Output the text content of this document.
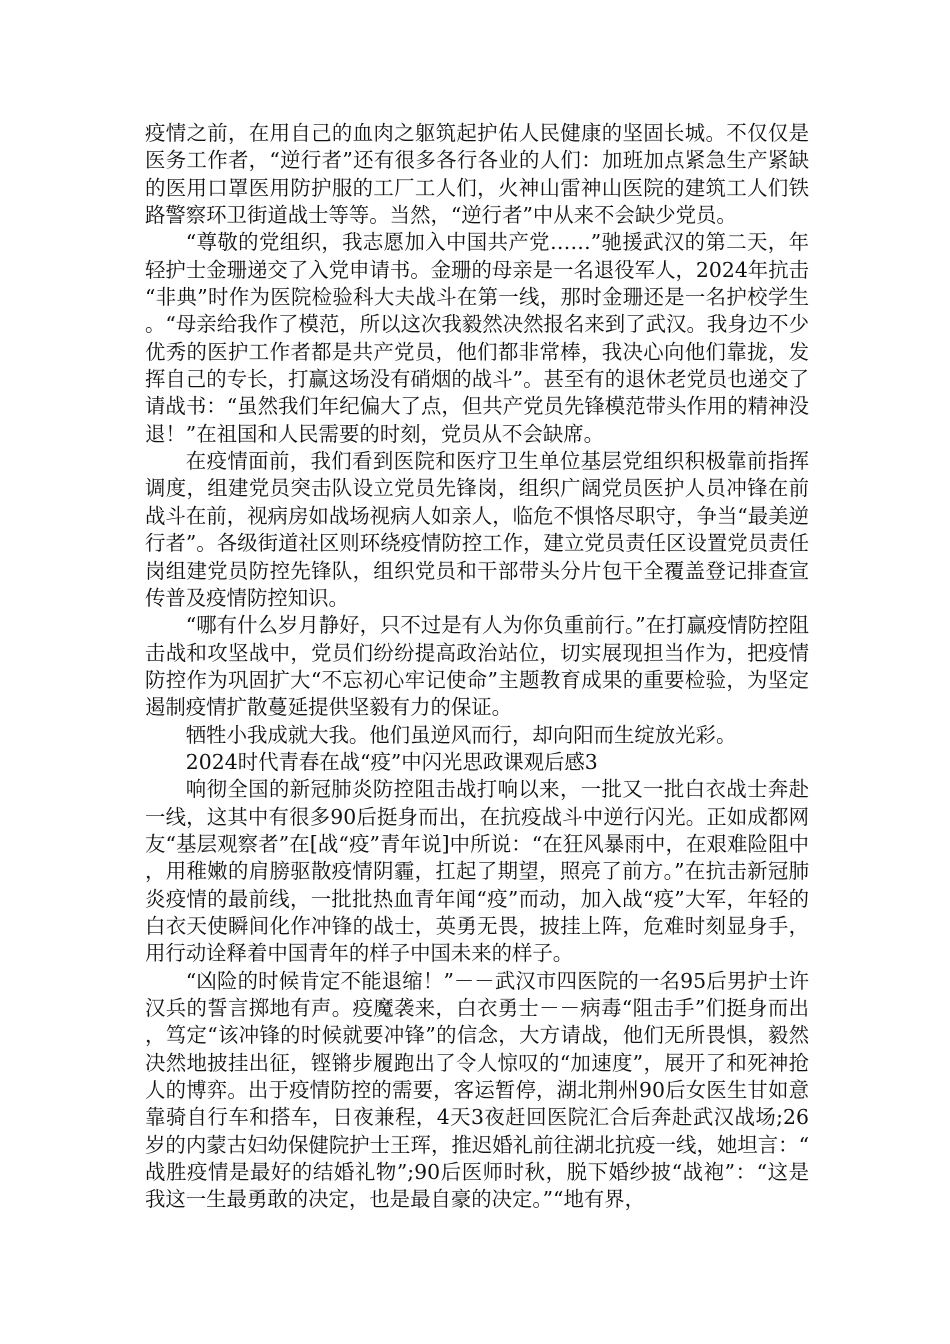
疫情之前，在用自己的血肉之躯筑起护佑人民健康的坚固长城。不仅仅是医务工作者，“逆行者”还有很多各行各业的人们：加班加点紧急生产紧缺的医用口罩医用防护服的工厂工人们，火神山雷神山医院的建筑工人们铁路警察环卫街道战士等等。当然，“逆行者”中从来不会缺少党员。

“尊敬的党组织，我志愿加入中国共产党……”驰援武汉的第二天，年轻护士金珊递交了入党申请书。金珊的母亲是一名退役军人，2024年抗击“非典”时作为医院检验科大夫战斗在第一线，那时金珊还是一名护校学生。“母亲给我作了模范，所以这次我毅然决然报名来到了武汉。我身边不少优秀的医护工作者都是共产党员，他们都非常棒，我决心向他们靠拢，发挥自己的专长，打赢这场没有硝烟的战斗”。甚至有的退休老党员也递交了请战书：“虽然我们年纪偏大了点，但共产党员先锋模范带头作用的精神没退！”在祖国和人民需要的时刻，党员从不会缺席。

在疫情面前，我们看到医院和医疗卫生单位基层党组织积极靠前指挥调度，组建党员突击队设立党员先锋岗，组织广阔党员医护人员冲锋在前战斗在前，视病房如战场视病人如亲人，临危不惧恪尽职守，争当“最美逆行者”。各级街道社区则环绕疫情防控工作，建立党员责任区设置党员责任岗组建党员防控先锋队，组织党员和干部带头分片包干全覆盖登记排查宣传普及疫情防控知识。

“哪有什么岁月静好，只不过是有人为你负重前行。”在打赢疫情防控阻击战和攻坚战中，党员们纷纷提高政治站位，切实展现担当作为，把疫情防控作为巩固扩大“不忘初心牢记使命”主题教育成果的重要检验，为坚定遏制疫情扩散蔓延提供坚毅有力的保证。

牺牲小我成就大我。他们虽逆风而行，却向阳而生绽放光彩。

2024时代青春在战“疫”中闪光思政课观后感3

响彻全国的新冠肺炎防控阻击战打响以来，一批又一批白衣战士奔赴一线，这其中有很多90后挺身而出，在抗疫战斗中逆行闪光。正如成都网友“基层观察者”在[战“疫”青年说]中所说：“在狂风暴雨中，在艰难险阻中，用稚嫩的肩膀驱散疫情阴霾，扛起了期望，照亮了前方。”在抗击新冠肺炎疫情的最前线，一批批热血青年闻“疫”而动，加入战“疫”大军，年轻的白衣天使瞬间化作冲锋的战士，英勇无畏，披挂上阵，危难时刻显身手，用行动诠释着中国青年的样子中国未来的样子。

“凶险的时候肯定不能退缩！”－－武汉市四医院的一名95后男护士许汉兵的誓言掷地有声。疫魔袭来，白衣勇士－－病毒“阻击手”们挺身而出，笃定“该冲锋的时候就要冲锋”的信念，大方请战，他们无所畏惧，毅然决然地披挂出征，铿锵步履跑出了令人惊叹的“加速度”，展开了和死神抢人的博弈。出于疫情防控的需要，客运暂停，湖北荆州90后女医生甘如意靠骑自行车和搭车，日夜兼程，4天3夜赶回医院汇合后奔赴武汉战场;26岁的内蒙古妇幼保健院护士王珲，推迟婚礼前往湖北抗疫一线，她坦言：“战胜疫情是最好的结婚礼物”;90后医师时秋，脱下婚纱披“战袍”：“这是我这一生最勇敢的决定，也是最自豪的决定。”“地有界，
